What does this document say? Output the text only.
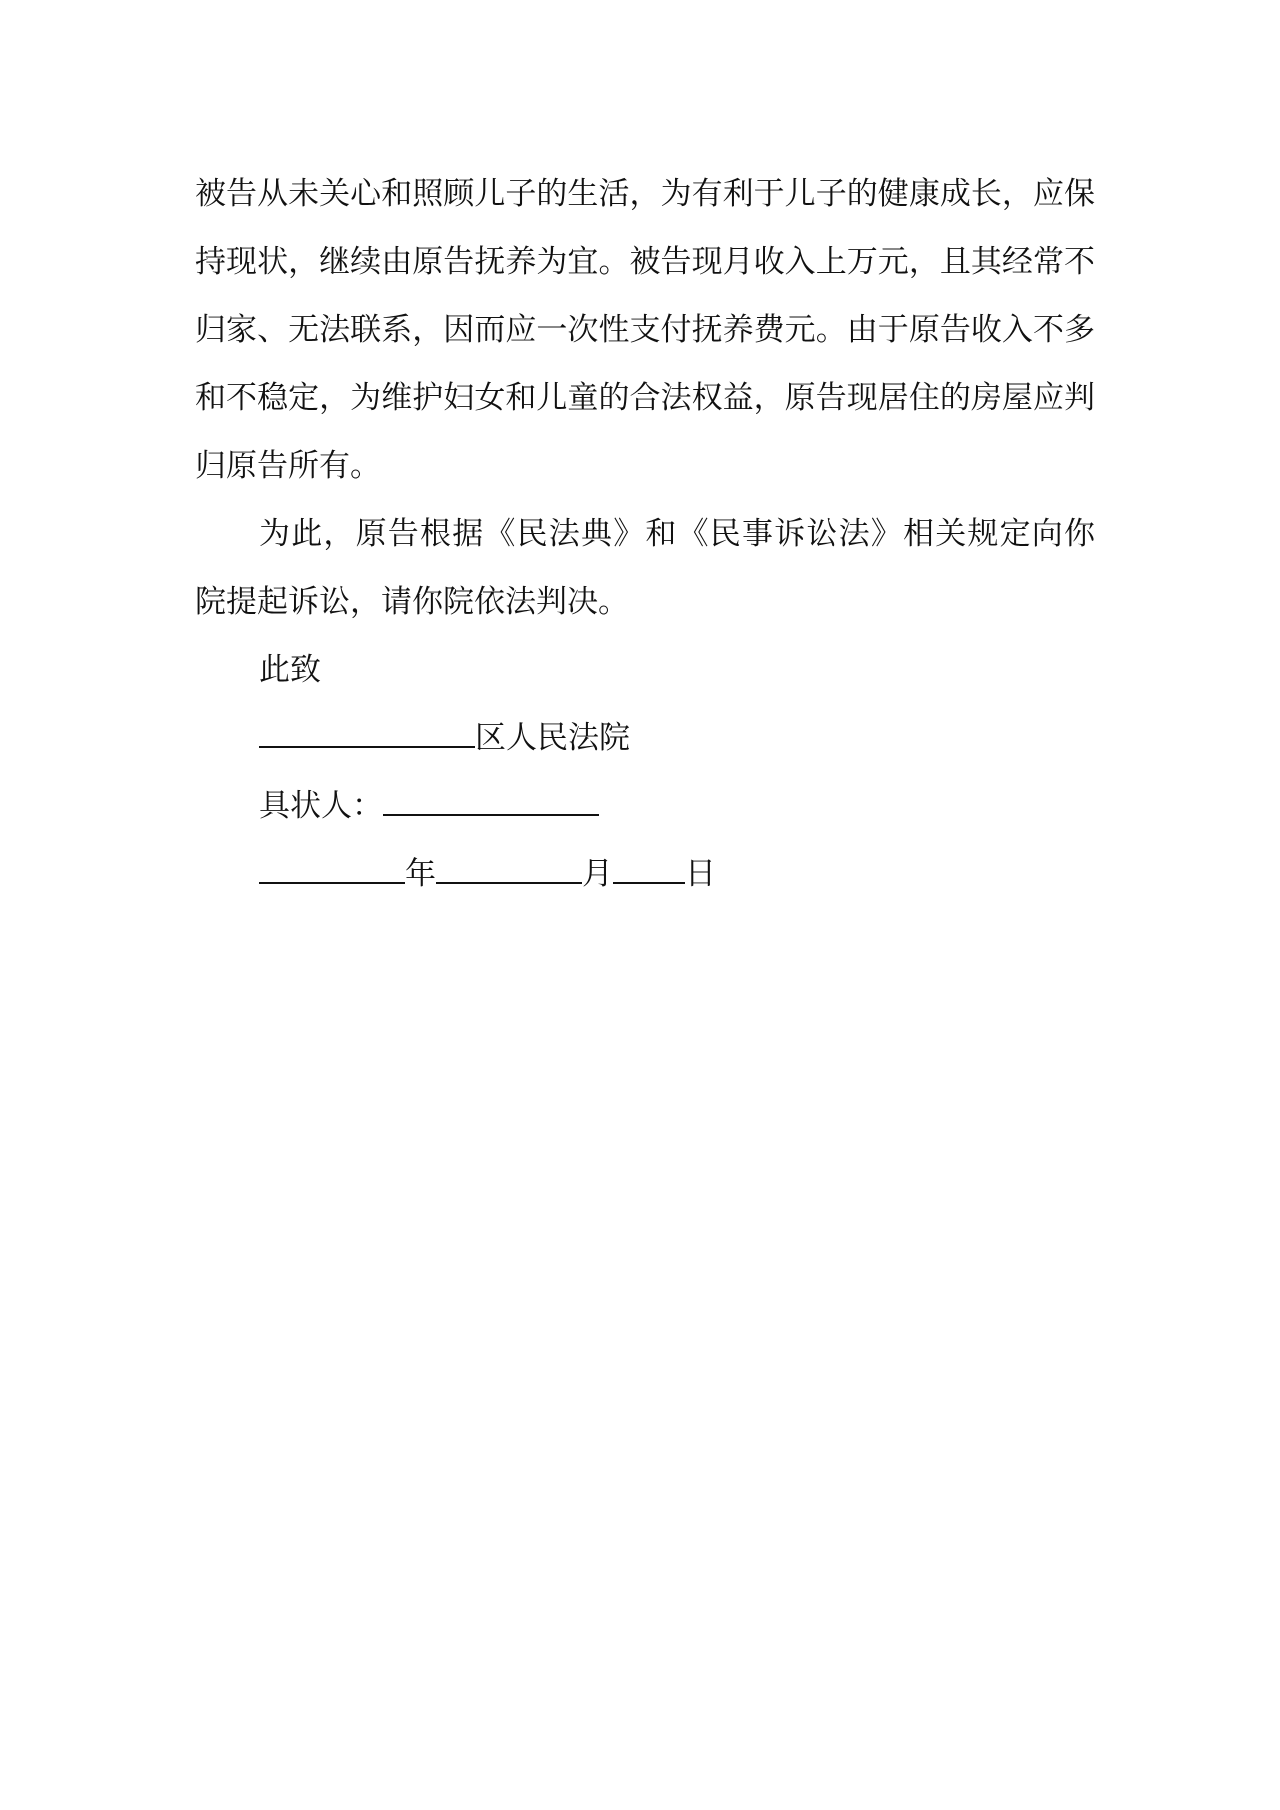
被告从未关心和照顾儿子的生活，为有利于儿子的健康成长，应保持现状，继续由原告抚养为宜。被告现月收入上万元，且其经常不归家、无法联系，因而应一次性支付抚养费元。由于原告收入不多和不稳定，为维护妇女和儿童的合法权益，原告现居住的房屋应判归原告所有。

为此，原告根据《民法典》和《民事诉讼法》相关规定向你院提起诉讼，请你院依法判决。

此致

区人民法院

具状人：

年	月 日
